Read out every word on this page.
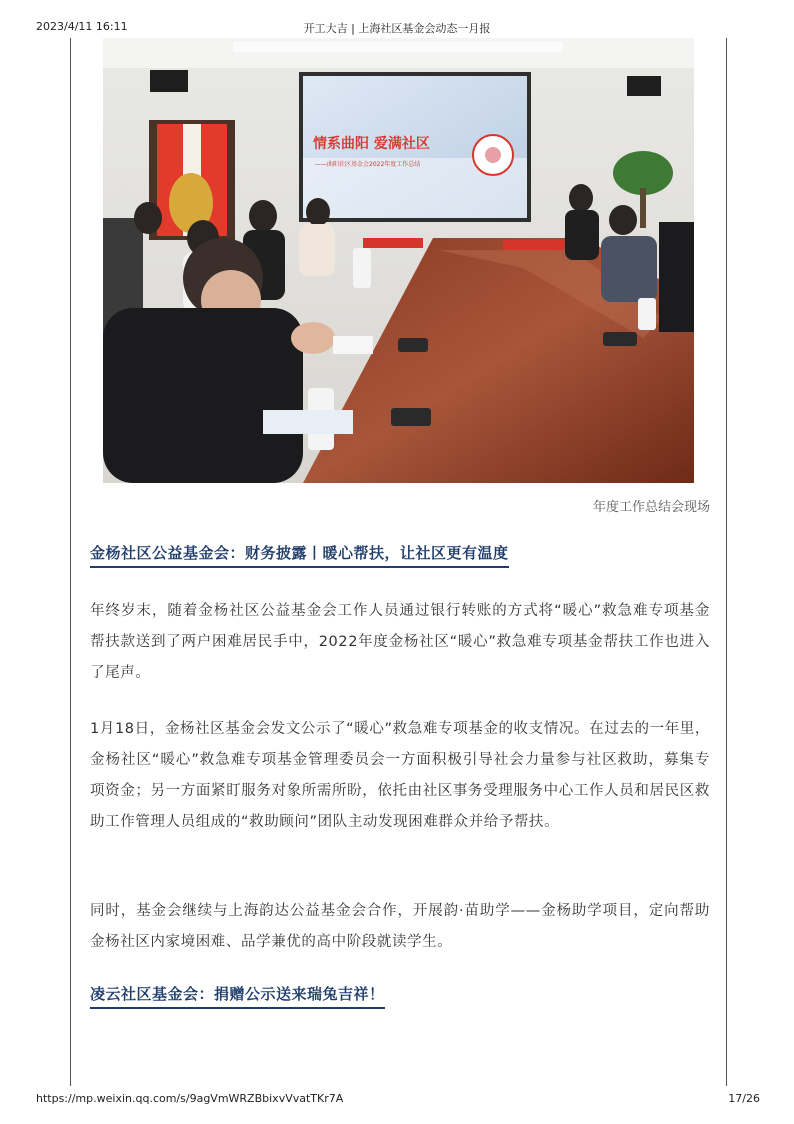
2023/4/11 16:11	开工大吉 | 上海社区基金会动态一月报
情系曲阳 爱满社区
——曲阳社区基金会2022年度工作总结
年度工作总结会现场
金杨社区公益基金会：财务披露丨暖心帮扶，让社区更有温度
年终岁末，随着金杨社区公益基金会工作人员通过银行转账的方式将“暖心”救急难专项基金帮扶款送到了两户困难居民手中，2022年度金杨社区“暖心”救急难专项基金帮扶工作也进入了尾声。
1月18日，金杨社区基金会发文公示了“暖心”救急难专项基金的收支情况。在过去的一年里，金杨社区“暖心”救急难专项基金管理委员会一方面积极引导社会力量参与社区救助，募集专项资金；另一方面紧盯服务对象所需所盼，依托由社区事务受理服务中心工作人员和居民区救助工作管理人员组成的“救助顾问”团队主动发现困难群众并给予帮扶。
同时，基金会继续与上海韵达公益基金会合作，开展韵·苗助学——金杨助学项目，定向帮助金杨社区内家境困难、品学兼优的高中阶段就读学生。
凌云社区基金会：捐赠公示送来瑞兔吉祥！
https://mp.weixin.qq.com/s/9agVmWRZBbixvVvatTKr7A	17/26
